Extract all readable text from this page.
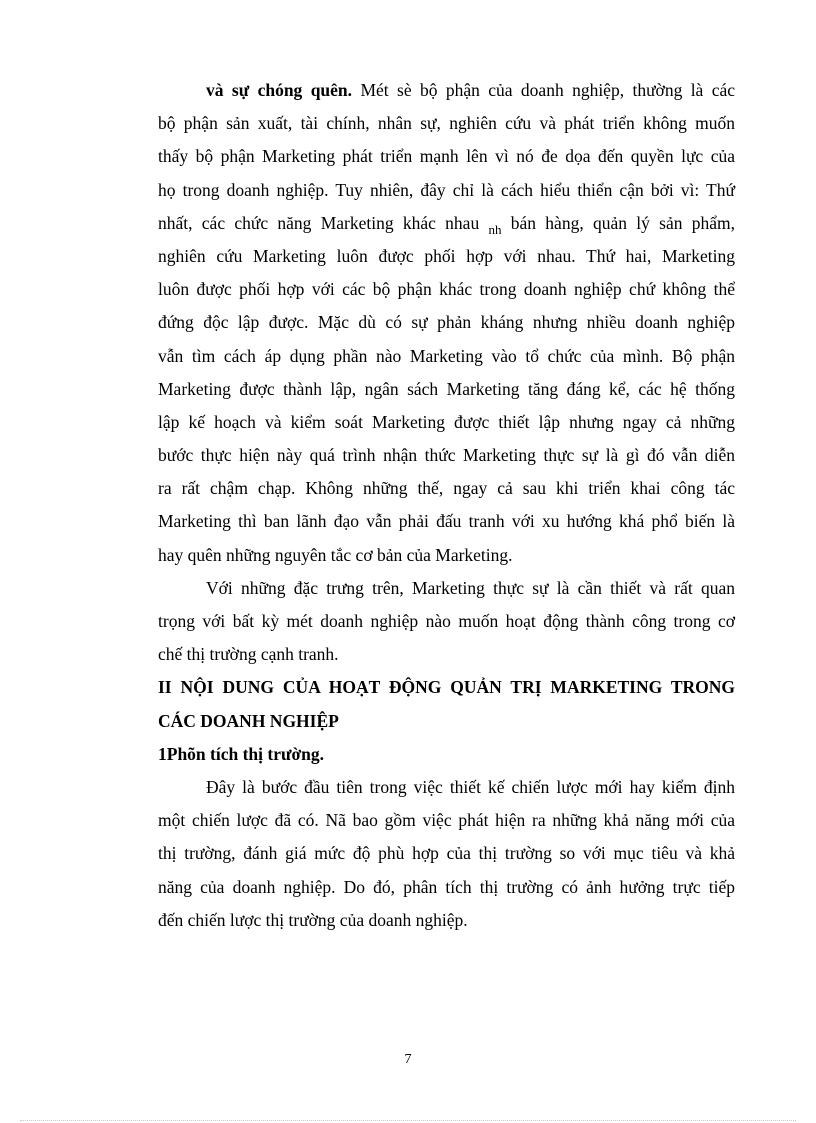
và sự chóng quên. Mét sè bộ phận của doanh nghiệp, thường là các
bộ phận sản xuất, tài chính, nhân sự, nghiên cứu và phát triển không muốn
thấy bộ phận Marketing phát triển mạnh lên vì nó đe dọa đến quyền lực của
họ trong doanh nghiệp. Tuy nhiên, đây chỉ là cách hiểu thiển cận bởi vì: Thứ
nhất, các chức năng Marketing khác nhau $_{nh}$ bán hàng, quản lý sản phẩm,
nghiên cứu Marketing luôn được phối hợp với nhau. Thứ hai, Marketing
luôn được phối hợp với các bộ phận khác trong doanh nghiệp chứ không thể
đứng độc lập được. Mặc dù có sự phản kháng nhưng nhiều doanh nghiệp
vẫn tìm cách áp dụng phần nào Marketing vào tổ chức của mình. Bộ phận
Marketing được thành lập, ngân sách Marketing tăng đáng kể, các hệ thống
lập kế hoạch và kiểm soát Marketing được thiết lập nhưng ngay cả những
bước thực hiện này quá trình nhận thức Marketing thực sự là gì đó vẫn diễn
ra rất chậm chạp. Không những thế, ngay cả sau khi triển khai công tác
Marketing thì ban lãnh đạo vẫn phải đấu tranh với xu hướng khá phổ biến là
hay quên những nguyên tắc cơ bản của Marketing.
Với những đặc trưng trên, Marketing thực sự là cần thiết và rất quan
trọng với bất kỳ mét doanh nghiệp nào muốn hoạt động thành công trong cơ
chế thị trường cạnh tranh.
II NỘI DUNG CỦA HOẠT ĐỘNG QUẢN TRỊ MARKETING TRONG
CÁC DOANH NGHIỆP
1Phõn tích thị trường.
Đây là bước đầu tiên trong việc thiết kế chiến lược mới hay kiểm định
một chiến lược đã có. Nã bao gồm việc phát hiện ra những khả năng mới của
thị trường, đánh giá mức độ phù hợp của thị trường so với mục tiêu và khả
năng của doanh nghiệp. Do đó, phân tích thị trường có ảnh hưởng trực tiếp
đến chiến lược thị trường của doanh nghiệp.
7
